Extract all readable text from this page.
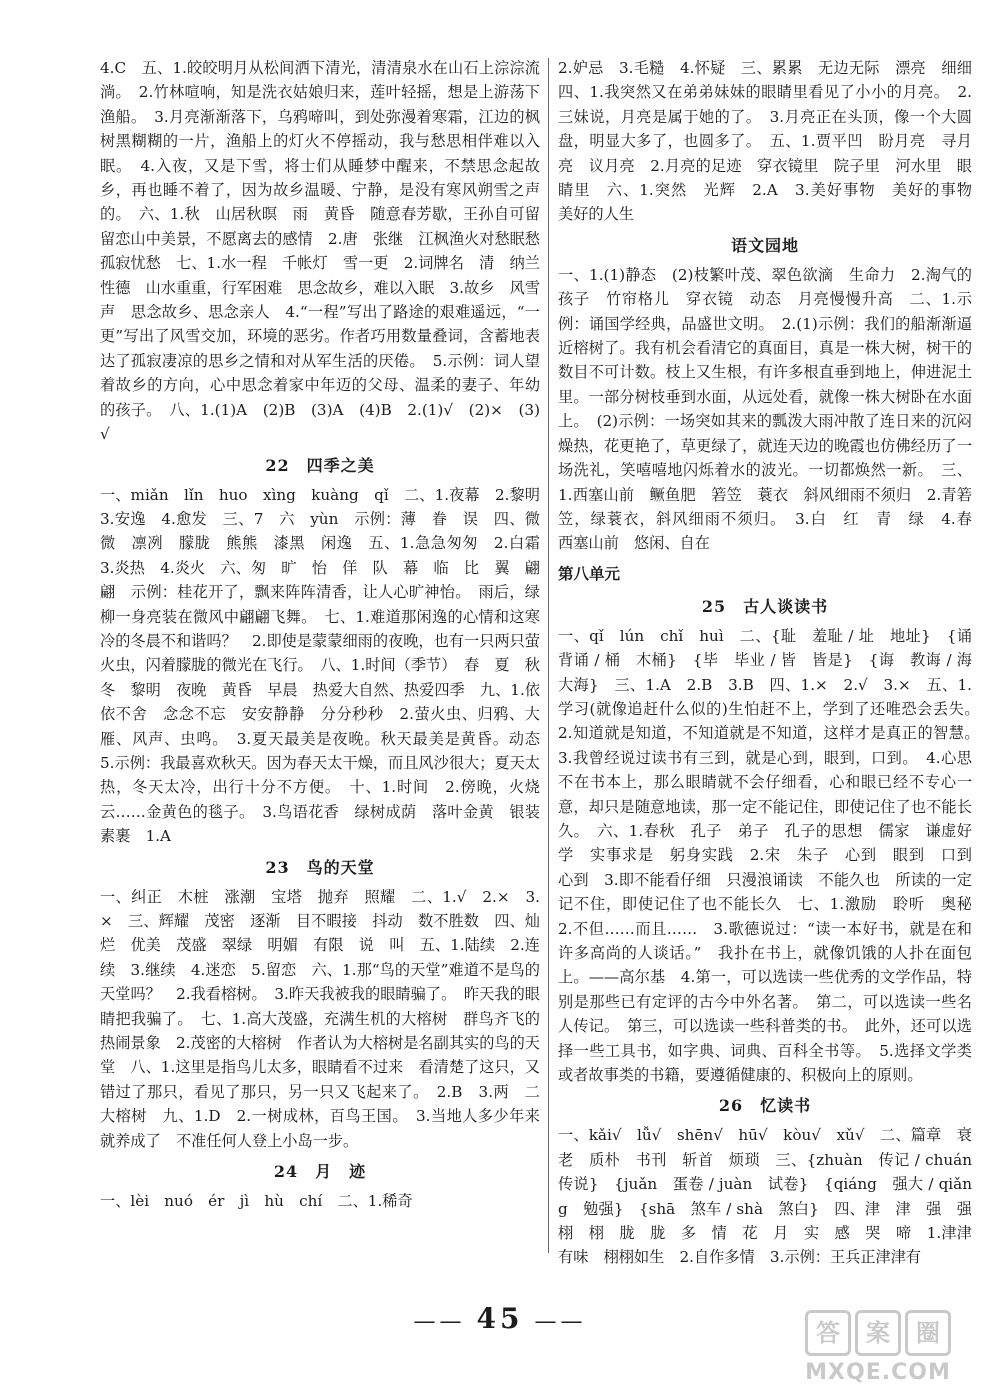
4.C　五、1.皎皎明月从松间洒下清光，清清泉水在山石上淙淙流淌。　2.竹林喧响，知是洗衣姑娘归来，莲叶轻摇，想是上游荡下渔船。　3.月亮渐渐落下，乌鸦啼叫，到处弥漫着寒霜，江边的枫树黑糊糊的一片，渔船上的灯火不停摇动，我与愁思相伴难以入眠。　4.入夜，又是下雪，将士们从睡梦中醒来，不禁思念起故乡，再也睡不着了，因为故乡温暖、宁静，是没有寒风朔雪之声的。　六、1.秋　山居秋暝　雨　黄昏　随意春芳歇，王孙自可留　留恋山中美景，不愿离去的感情　2.唐　张继　江枫渔火对愁眠愁　孤寂忧愁　七、1.水一程　千帐灯　雪一更　2.词牌名　清　纳兰性德　山水重重，行军困难　思念故乡，难以入眠　3.故乡　风雪声　思念故乡、思念亲人　4.“一程”写出了路途的艰难遥远，“一更”写出了风雪交加，环境的恶劣。作者巧用数量叠词，含蓄地表达了孤寂凄凉的思乡之情和对从军生活的厌倦。　5.示例：词人望着故乡的方向，心中思念着家中年迈的父母、温柔的妻子、年幼的孩子。　八、1.(1)A　(2)B　(3)A　(4)B　2.(1)√　(2)×　(3)√
22　四季之美
一、miǎn　lǐn　huo　xìng　kuàng　qǐ　二、1.夜幕　2.黎明　3.安逸　4.愈发　三、7　六　yùn　示例：薄　眷　误　四、微微　凛冽　朦胧　熊熊　漆黑　闲逸　五、1.急急匆匆　2.白霜　3.炎热　4.炎火　六、匆　旷　怡　佯　队　幕　临　比　翼　翩　翩　示例：桂花开了，飘来阵阵清香，让人心旷神怡。　雨后，绿柳一身亮装在微风中翩翩飞舞。　七、1.难道那闲逸的心情和这寒冷的冬晨不和谐吗？　2.即使是蒙蒙细雨的夜晚，也有一只两只萤火虫，闪着朦胧的微光在飞行。　八、1.时间（季节）　春　夏　秋　冬　黎明　夜晚　黄昏　早晨　热爱大自然、热爱四季　九、1.依依不舍　念念不忘　安安静静　分分秒秒　2.萤火虫、归鸦、大雁、风声、虫鸣。　3.夏天最美是夜晚。秋天最美是黄昏。动态　5.示例：我最喜欢秋天。因为春天太干燥，而且风沙很大；夏天太热，冬天太冷，出行十分不方便。　十、1.时间　2.傍晚，火烧云……金黄色的毯子。　3.鸟语花香　绿树成荫　落叶金黄　银装素裹　1.A
23　鸟的天堂
一、纠正　木桩　涨潮　宝塔　抛弃　照耀　二、1.√　2.×　3.×　三、辉耀　茂密　逐渐　目不暇接　抖动　数不胜数　四、灿烂　优美　茂盛　翠绿　明媚　有限　说　叫　五、1.陆续　2.连续　3.继续　4.迷恋　5.留恋　六、1.那“鸟的天堂”难道不是鸟的天堂吗？　2.我看榕树。　3.昨天我被我的眼睛骗了。　昨天我的眼睛把我骗了。　七、1.高大茂盛，充满生机的大榕树　群鸟齐飞的热闹景象　2.茂密的大榕树　作者认为大榕树是名副其实的鸟的天堂　八、1.这里是指鸟儿太多，眼睛看不过来　看清楚了这只，又错过了那只，看见了那只，另一只又飞起来了。　2.B　3.两　二　大榕树　九、1.D　2.一树成林，百鸟王国。　3.当地人多少年来就养成了　不准任何人登上小岛一步。
24　月　迹
一、lèi　nuó　ér　jì　hù　chí　二、1.稀奇
2.妒忌　3.毛糙　4.怀疑　三、累累　无边无际　漂亮　细细　四、1.我突然又在弟弟妹妹的眼睛里看见了小小的月亮。　2.三妹说，月亮是属于她的了。　3.月亮正在头顶，像一个大圆盘，明显大多了，也圆多了。　五、1.贾平凹　盼月亮　寻月亮　议月亮　2.月亮的足迹　穿衣镜里　院子里　河水里　眼睛里　六、1.突然　光辉　2.A　3.美好事物　美好的事物　美好的人生
语文园地
一、1.(1)静态　(2)枝繁叶茂、翠色欲滴　生命力　2.淘气的孩子　竹帘格儿　穿衣镜　动态　月亮慢慢升高　二、1.示例：诵国学经典，品盛世文明。　2.(1)示例：我们的船渐渐逼近榕树了。我有机会看清它的真面目，真是一株大树，树干的数目不可计数。枝上又生根，有许多根直垂到地上，伸进泥土里。一部分树枝垂到水面，从远处看，就像一株大树卧在水面上。　(2)示例：一场突如其来的瓢泼大雨冲散了连日来的沉闷燥热，花更艳了，草更绿了，就连天边的晚霞也仿佛经历了一场洗礼，笑嘻嘻地闪烁着水的波光。一切都焕然一新。　三、1.西塞山前　鳜鱼肥　箬笠　蓑衣　斜风细雨不须归　2.青箬笠，绿蓑衣，斜风细雨不须归。　3.白　红　青　绿　4.春　西塞山前　悠闲、自在
第八单元
25　古人谈读书
一、qǐ　lún　chǐ　huì　二、{耻　羞耻 / 址　地址}　{诵　背诵 / 桶　木桶}　{毕　毕业 / 皆　皆是}　{诲　教诲 / 海　大海}　三、1.A　2.B　3.B　四、1.×　2.√　3.×　五、1.学习(就像追赶什么似的)生怕赶不上，学到了还唯恐会丢失。　2.知道就是知道，不知道就是不知道，这样才是真正的智慧。　3.我曾经说过读书有三到，就是心到，眼到，口到。　4.心思不在书本上，那么眼睛就不会仔细看，心和眼已经不专心一意，却只是随意地读，那一定不能记住，即使记住了也不能长久。　六、1.春秋　孔子　弟子　孔子的思想　儒家　谦虚好学　实事求是　躬身实践　2.宋　朱子　心到　眼到　口到　心到　3.即不能看仔细　只漫浪诵读　不能久也　所读的一定记不住，即使记住了也不能长久　七、1.激励　聆听　奥秘　2.不但……而且……　3.歌德说过：“读一本好书，就是在和许多高尚的人谈话。”　我扑在书上，就像饥饿的人扑在面包上。——高尔基　4.第一，可以选读一些优秀的文学作品，特别是那些已有定评的古今中外名著。　第二，可以选读一些名人传记。　第三，可以选读一些科普类的书。　此外，还可以选择一些工具书，如字典、词典、百科全书等。　5.选择文学类或者故事类的书籍，要遵循健康的、积极向上的原则。
26　忆读书
一、kǎi√　lǚ√　shēn√　hū√　kòu√　xǔ√　二、篇章　衰老　质朴　书刊　斩首　烦琐　三、{zhuàn　传记 / chuán　传说}　{juǎn　蛋卷 / juàn　试卷}　{qiáng　强大 / qiǎng　勉强}　{shā　煞车 / shà　煞白}　四、津　津　强　强　栩　栩　胧　胧　多　情　花　月　实　感　哭　啼　1.津津有味　栩栩如生　2.自作多情　3.示例：王兵正津津有
—— 45 ——	答 案 圈
MXQE.COM
